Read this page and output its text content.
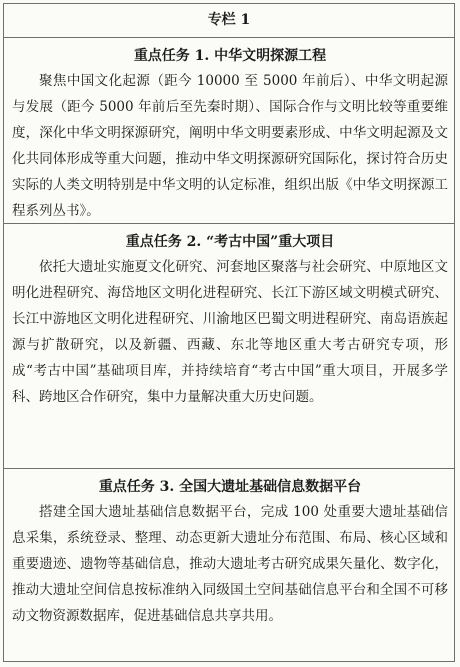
专栏 1
重点任务 1. 中华文明探源工程

聚焦中国文化起源（距今 10000 至 5000 年前后）、中华文明起源与发展（距今 5000 年前后至先秦时期）、国际合作与文明比较等重要维度，深化中华文明探源研究，阐明中华文明要素形成、中华文明起源及文化共同体形成等重大问题，推动中华文明探源研究国际化，探讨符合历史实际的人类文明特别是中华文明的认定标准，组织出版《中华文明探源工程系列丛书》。

重点任务 2. “考古中国”重大项目

依托大遗址实施夏文化研究、河套地区聚落与社会研究、中原地区文明化进程研究、海岱地区文明化进程研究、长江下游区域文明模式研究、长江中游地区文明化进程研究、川渝地区巴蜀文明进程研究、南岛语族起源与扩散研究，以及新疆、西藏、东北等地区重大考古研究专项，形成“考古中国”基础项目库，并持续培育“考古中国”重大项目，开展多学科、跨地区合作研究，集中力量解决重大历史问题。

重点任务 3. 全国大遗址基础信息数据平台

搭建全国大遗址基础信息数据平台，完成 100 处重要大遗址基础信息采集，系统登录、整理、动态更新大遗址分布范围、布局、核心区域和重要遗迹、遗物等基础信息，推动大遗址考古研究成果矢量化、数字化，推动大遗址空间信息按标准纳入同级国土空间基础信息平台和全国不可移动文物资源数据库，促进基础信息共享共用。
